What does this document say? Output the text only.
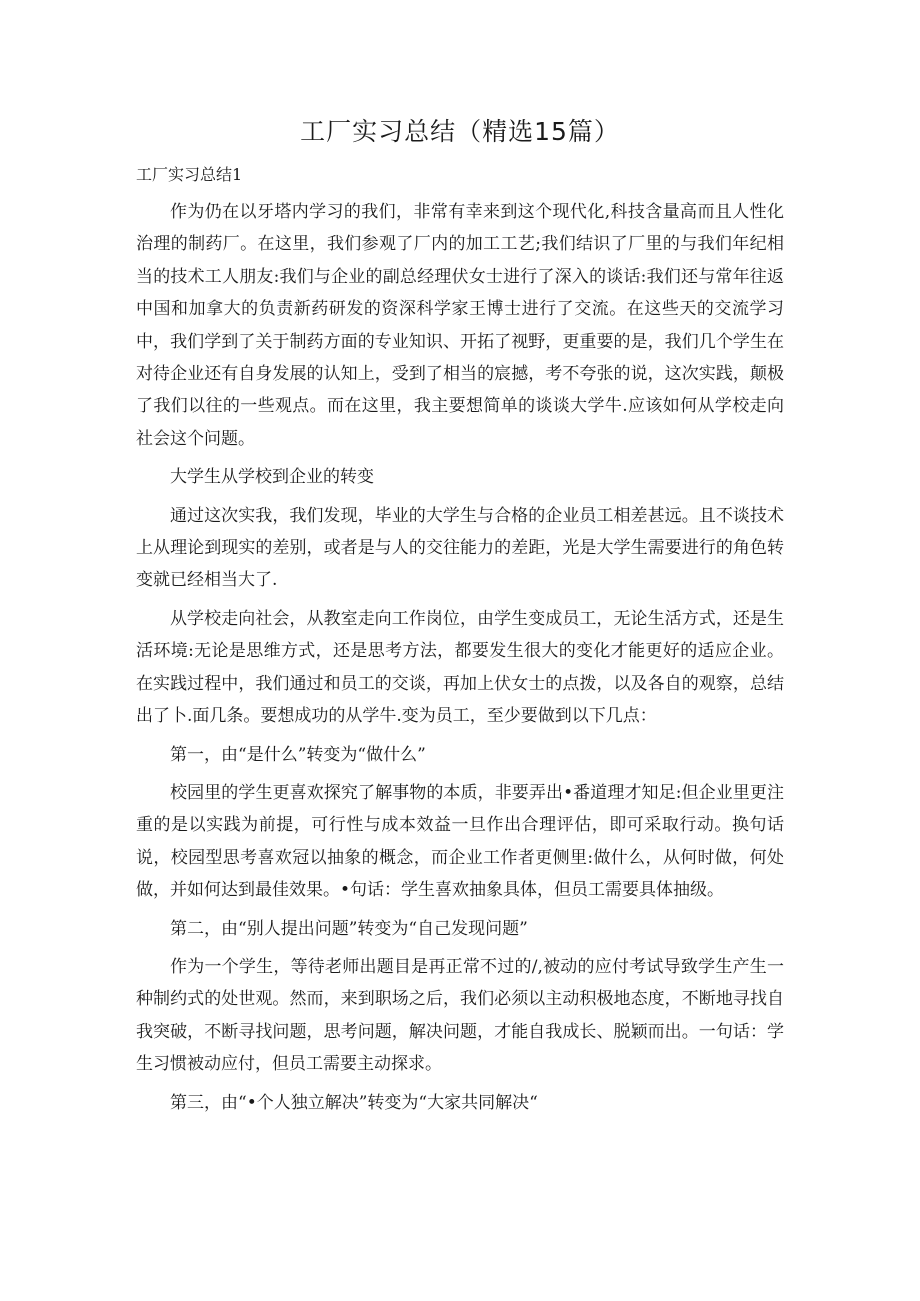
工厂实习总结（精选15篇）
工厂实习总结1

作为仍在以牙塔内学习的我们，非常有幸来到这个现代化,科技含量高而且人性化治理的制药厂。在这里，我们参观了厂内的加工工艺;我们结识了厂里的与我们年纪相当的技术工人朋友:我们与企业的副总经理伏女士进行了深入的谈话:我们还与常年往返中国和加拿大的负责新药研发的资深科学家王博士进行了交流。在这些天的交流学习中，我们学到了关于制药方面的专业知识、开拓了视野，更重要的是，我们几个学生在对待企业还有自身发展的认知上，受到了相当的宸撼，考不夸张的说，这次实践，颠极了我们以往的一些观点。而在这里，我主要想简单的谈谈大学牛.应该如何从学校走向社会这个问题。

大学生从学校到企业的转变

通过这次实我，我们发现，毕业的大学生与合格的企业员工相差甚远。且不谈技术上从理论到现实的差别，或者是与人的交往能力的差距，光是大学生需要进行的角色转变就已经相当大了.

从学校走向社会，从教室走向工作岗位，由学生变成员工，无论生活方式，还是生活环境:无论是思维方式，还是思考方法，都要发生很大的变化才能更好的适应企业。在实践过程中，我们通过和员工的交谈，再加上伏女士的点拨，以及各自的观察，总结出了卜.面几条。要想成功的从学牛.变为员工，至少要做到以下几点：

第一，由“是什么”转变为“做什么”

校园里的学生更喜欢探究了解事物的本质，非要弄出•番道理才知足:但企业里更注重的是以实践为前提，可行性与成本效益一旦作出合理评估，即可采取行动。换句话说，校园型思考喜欢冠以抽象的概念，而企业工作者更侧里:做什么，从何时做，何处做，并如何达到最佳效果。•句话：学生喜欢抽象具体，但员工需要具体抽级。

第二，由“别人提出问题”转变为“自己发现问题”

作为一个学生，等待老师出题目是再正常不过的/,被动的应付考试导致学生产生一种制约式的处世观。然而，来到职场之后，我们必须以主动积极地态度，不断地寻找自我突破，不断寻找问题，思考问题，解决问题，才能自我成长、脱颖而出。一句话：学生习惯被动应付，但员工需要主动探求。

第三，由“•个人独立解决”转变为“大家共同解决“
